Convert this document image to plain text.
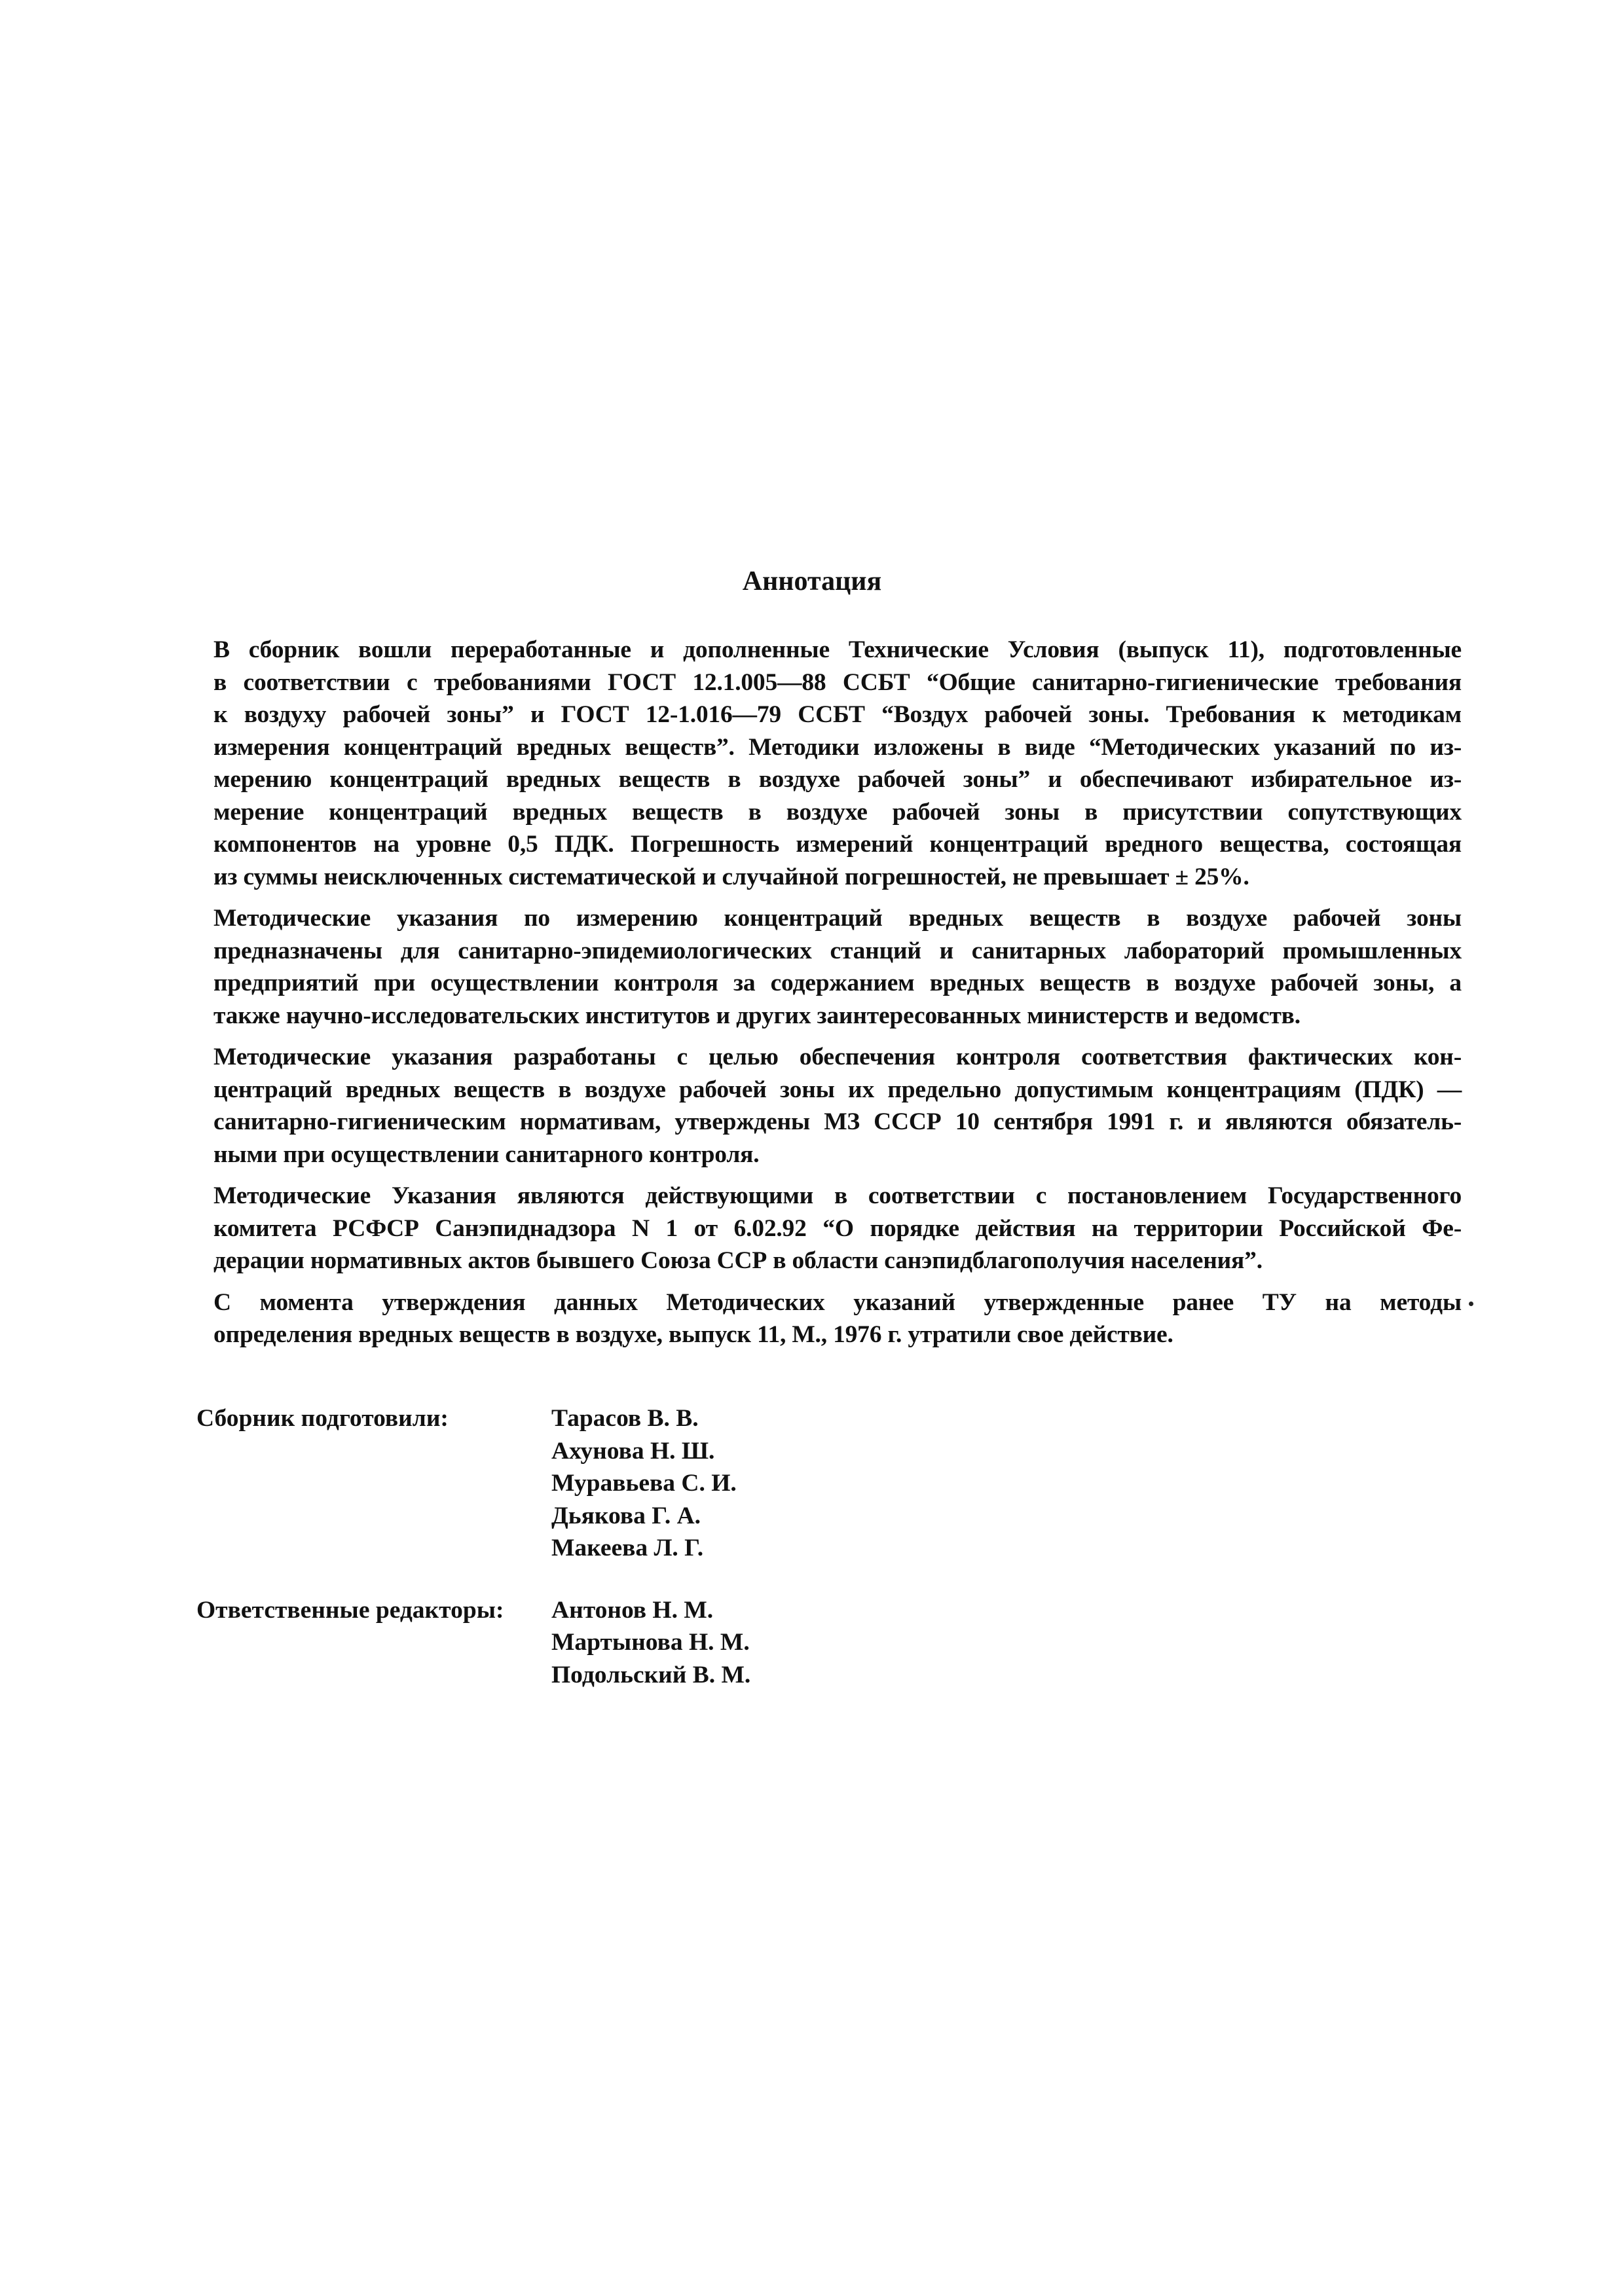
Аннотация
В сборник вошли переработанные и дополненные Технические Условия (выпуск 11), подготовленные
в соответствии с требованиями ГОСТ 12.1.005—88 ССБТ “Общие санитарно-гигиенические требования
к воздуху рабочей зоны” и ГОСТ 12-1.016—79 ССБТ “Воздух рабочей зоны. Требования к методикам
измерения концентраций вредных веществ”. Методики изложены в виде “Методических указаний по из-
мерению концентраций вредных веществ в воздухе рабочей зоны” и обеспечивают избирательное из-
мерение концентраций вредных веществ в воздухе рабочей зоны в присутствии сопутствующих
компонентов на уровне 0,5 ПДК. Погрешность измерений концентраций вредного вещества, состоящая
из суммы неисключенных систематической и случайной погрешностей, не превышает ± 25%.
Методические указания по измерению концентраций вредных веществ в воздухе рабочей зоны
предназначены для санитарно-эпидемиологических станций и санитарных лабораторий промышленных
предприятий при осуществлении контроля за содержанием вредных веществ в воздухе рабочей зоны, а
также научно-исследовательских институтов и других заинтересованных министерств и ведомств.
Методические указания разработаны с целью обеспечения контроля соответствия фактических кон-
центраций вредных веществ в воздухе рабочей зоны их предельно допустимым концентрациям (ПДК) —
санитарно-гигиеническим нормативам, утверждены МЗ СССР 10 сентября 1991 г. и являются обязатель-
ными при осуществлении санитарного контроля.
Методические Указания являются действующими в соответствии с постановлением Государственного
комитета РСФСР Санэпиднадзора N 1 от 6.02.92 “О порядке действия на территории Российской Фе-
дерации нормативных актов бывшего Союза ССР в области санэпидблагополучия населения”.
С момента утверждения данных Методических указаний утвержденные ранее ТУ на методы
определения вредных веществ в воздухе, выпуск 11, М., 1976 г. утратили свое действие.
Сборник подготовили:	Тарасов В. В.
Ахунова Н. Ш.
Муравьева С. И.
Дьякова Г. А.
Макеева Л. Г.
Ответственные редакторы:	Антонов Н. М.
Мартынова Н. М.
Подольский В. М.
